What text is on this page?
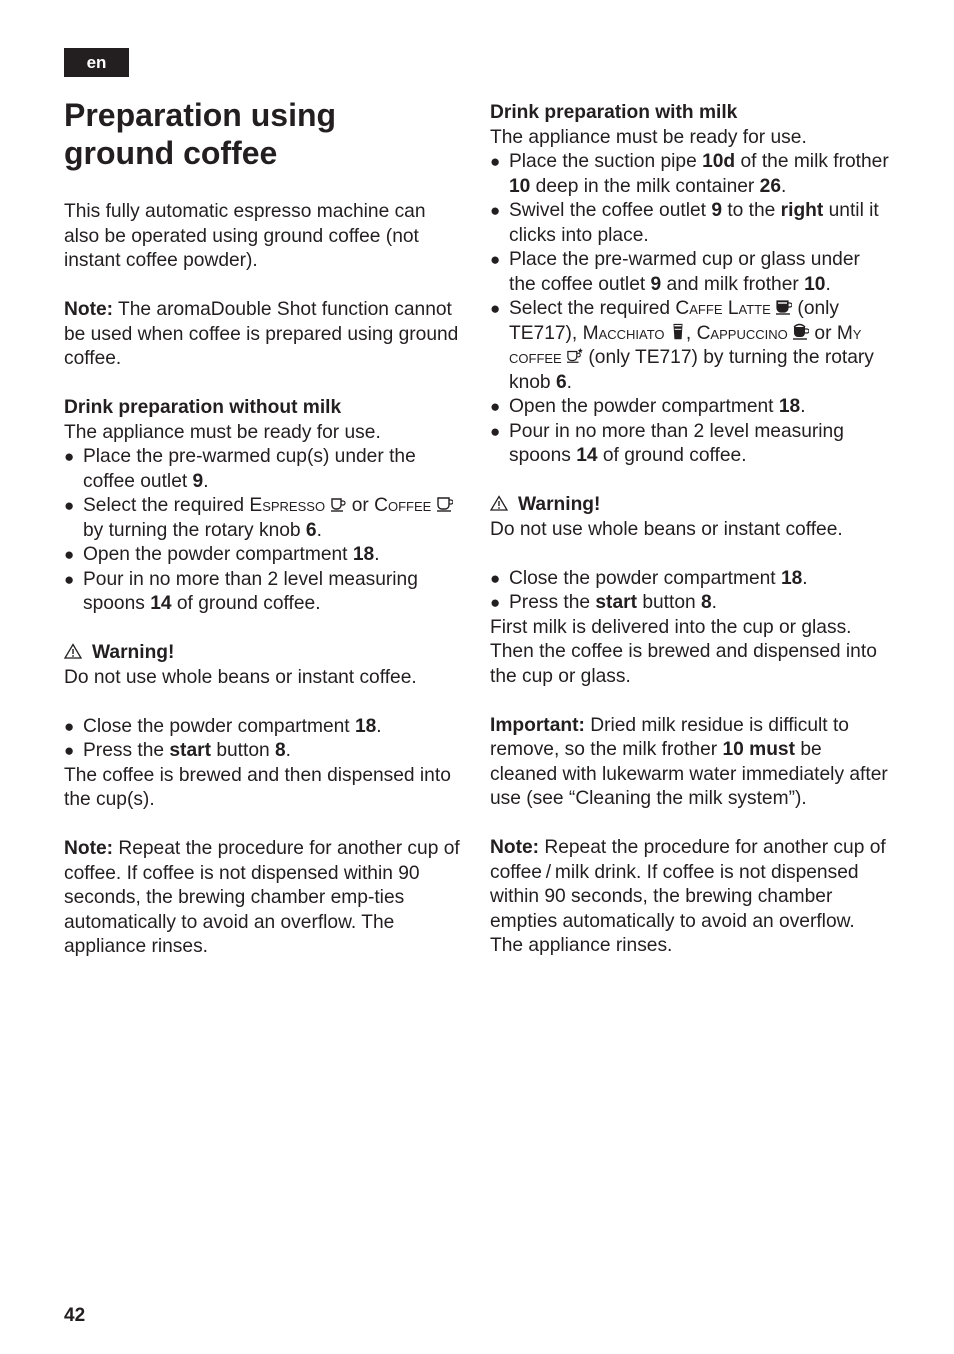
en
Preparation using
ground coffee

This fully automatic espresso machine can also be operated using ground coffee (not instant coffee powder).

Note: The aromaDouble Shot function cannot be used when coffee is prepared using ground coffee.

Drink preparation without milk

The appliance must be ready for use.

● Place the pre-warmed cup(s) under the coffee outlet 9.
● Select the required Espresso  or Coffee  by turning the rotary knob 6.
● Open the powder compartment 18.
● Pour in no more than 2 level measuring spoons 14 of ground coffee.

Warning!

Do not use whole beans or instant coffee.

● Close the powder compartment 18.
● Press the start button 8.

The coffee is brewed and then dispensed into the cup(s).

Note: Repeat the procedure for another cup of coffee. If coffee is not dispensed within 90 seconds, the brewing chamber emp-ties automatically to avoid an overflow. The appliance rinses.

Drink preparation with milk

The appliance must be ready for use.

● Place the suction pipe 10d of the milk frother 10 deep in the milk container 26.
● Swivel the coffee outlet 9 to the right until it clicks into place.
● Place the pre-warmed cup or glass under the coffee outlet 9 and milk frother 10.
● Select the required Caffe Latte  (only TE717), Macchiato , Cappuccino  or My coffee  (only TE717) by turning the rotary knob 6.
● Open the powder compartment 18.
● Pour in no more than 2 level measuring spoons 14 of ground coffee.

Warning!

Do not use whole beans or instant coffee.

● Close the powder compartment 18.
● Press the start button 8.

First milk is delivered into the cup or glass. Then the coffee is brewed and dispensed into the cup or glass.

Important: Dried milk residue is difficult to remove, so the milk frother 10 must be cleaned with lukewarm water immediately after use (see “Cleaning the milk system”).

Note: Repeat the procedure for another cup of coffee / milk drink. If coffee is not dispensed within 90 seconds, the brewing chamber empties automatically to avoid an overflow. The appliance rinses.

42
